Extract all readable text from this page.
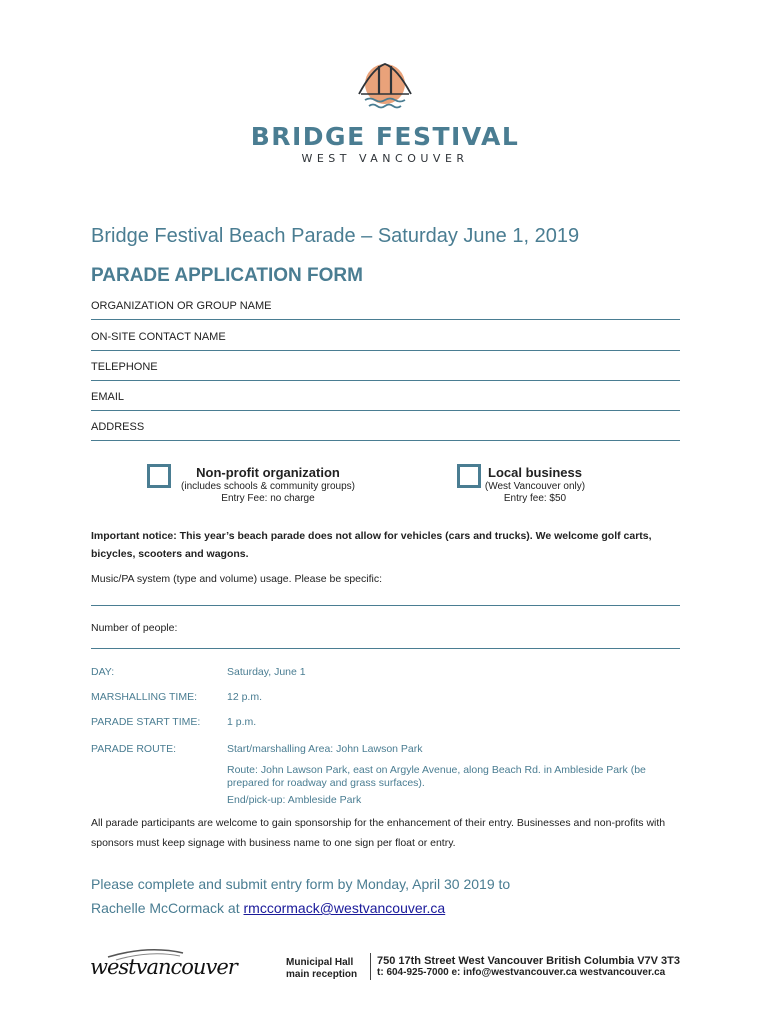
BRIDGE FESTIVAL
WEST VANCOUVER
Bridge Festival Beach Parade – Saturday June 1, 2019
PARADE APPLICATION FORM
ORGANIZATION OR GROUP NAME
ON-SITE CONTACT NAME
TELEPHONE
EMAIL
ADDRESS
Non-profit organization
(includes schools & community groups)
Entry Fee: no charge
Local business
(West Vancouver only)
Entry fee: $50
Important notice: This year’s beach parade does not allow for vehicles (cars and trucks). We welcome golf carts, bicycles, scooters and wagons.
Music/PA system (type and volume) usage. Please be specific:
Number of people:
DAY:	Saturday, June 1
MARSHALLING TIME:	12 p.m.
PARADE START TIME:	1 p.m.
PARADE ROUTE:	Start/marshalling Area: John Lawson Park
Route: John Lawson Park, east on Argyle Avenue, along Beach Rd. in Ambleside Park (be prepared for roadway and grass surfaces).
End/pick-up: Ambleside Park
All parade participants are welcome to gain sponsorship for the enhancement of their entry. Businesses and non-profits with sponsors must keep signage with business name to one sign per float or entry.
Please complete and submit entry form by Monday, April 30 2019 to
Rachelle McCormack at rmccormack@westvancouver.ca
westvancouver	Municipal Hall
main reception
750 17th Street West Vancouver British Columbia V7V 3T3
t: 604-925-7000 e: info@westvancouver.ca westvancouver.ca
